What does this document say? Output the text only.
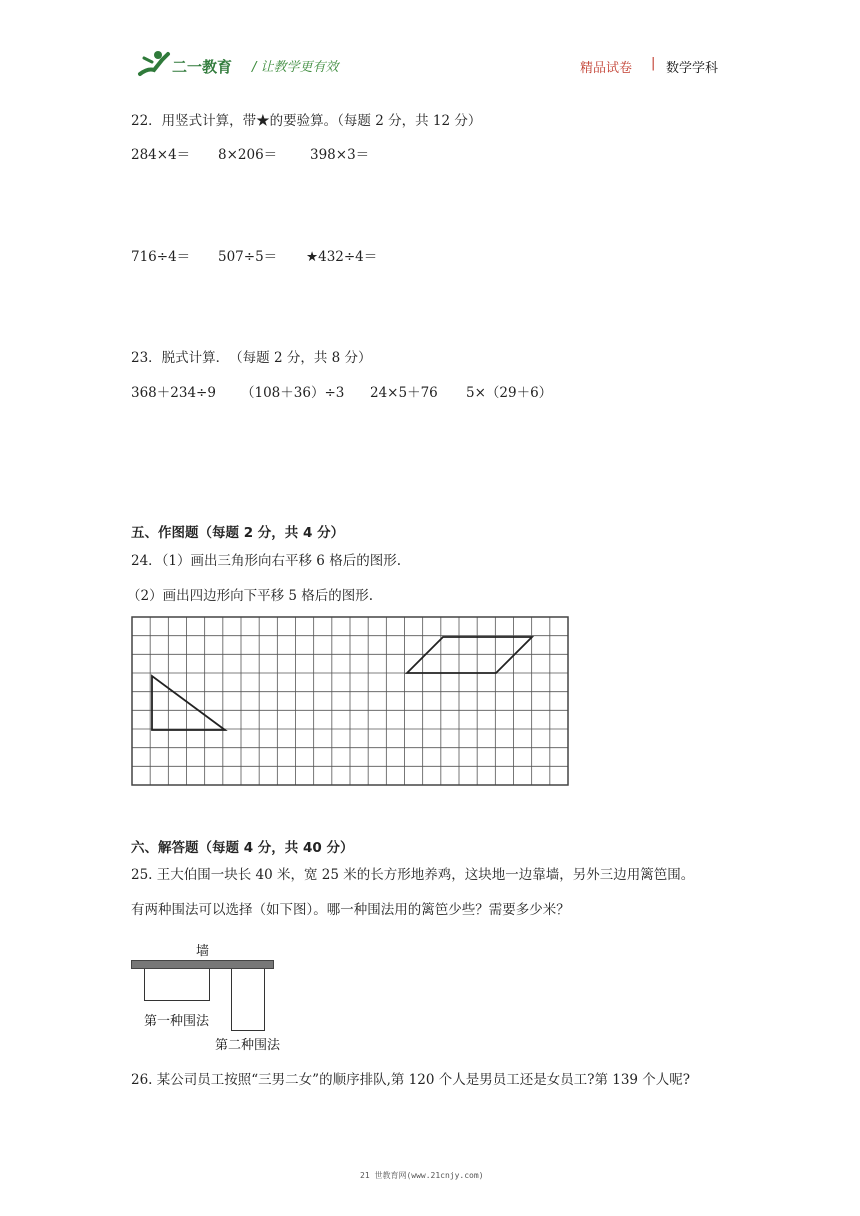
二一教育 / 让教学更有效	精品试卷 | 数学学科
22．用竖式计算，带★的要验算。（每题 2 分，共 12 分）
284×4＝ 8×206＝ 398×3＝
716÷4＝ 507÷5＝ ★432÷4＝
23．脱式计算．　（每题 2 分，共 8 分）
368＋234÷9 （108＋36）÷3 24×5＋76 5×（29＋6）
五、作图题（每题 2 分，共 4 分）
24．（1）画出三角形向右平移 6 格后的图形.
（2）画出四边形向下平移 5 格后的图形.
六、解答题（每题 4 分，共 40 分）
25. 王大伯围一块长 40 米，宽 25 米的长方形地养鸡，这块地一边靠墙，另外三边用篱笆围。
有两种围法可以选择（如下图）。哪一种围法用的篱笆少些？需要多少米？
墙
第一种围法
第二种围法
26. 某公司员工按照“三男二女”的顺序排队,第 120 个人是男员工还是女员工?第 139 个人呢?
21 世教育网(www.21cnjy.com)
